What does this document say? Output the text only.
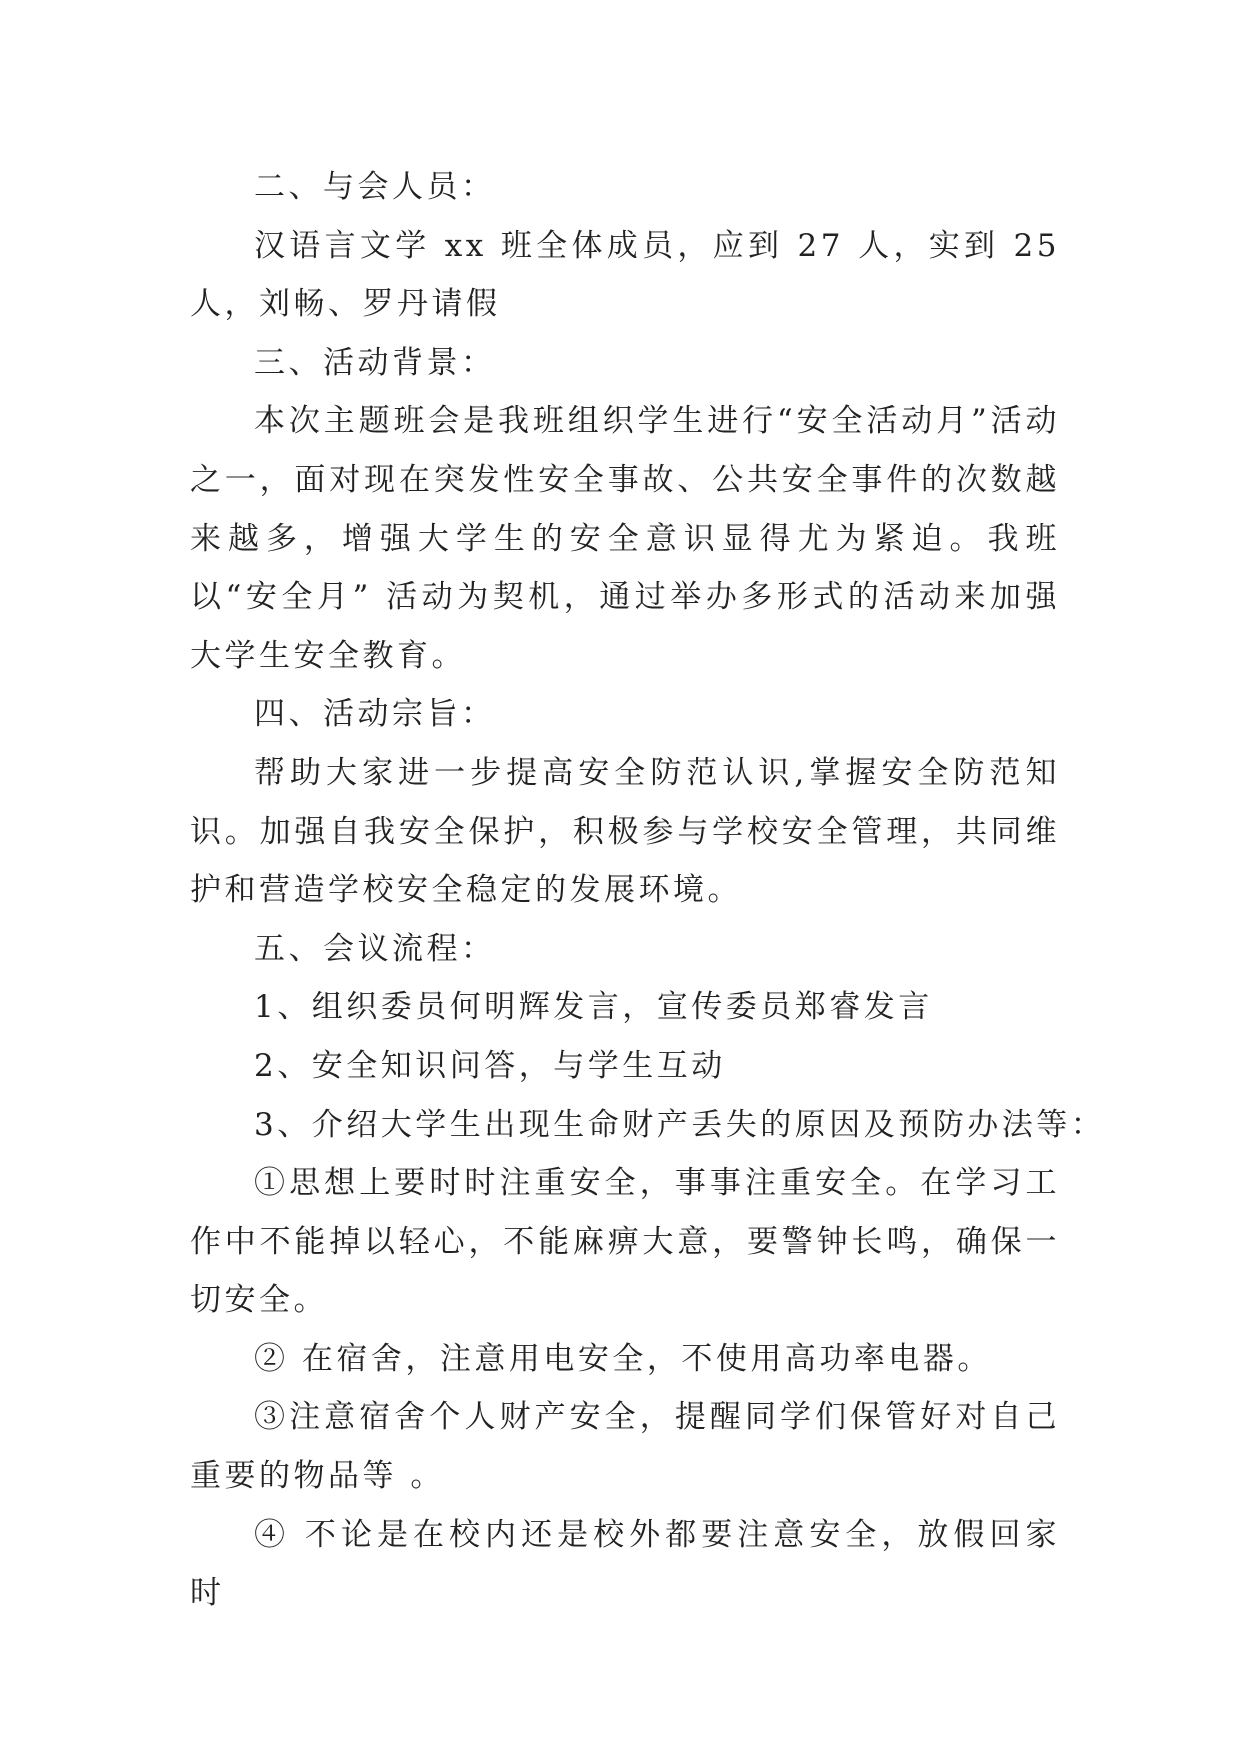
二、与会人员：

汉语言文学 xx 班全体成员，应到 27 人，实到 25 人，刘畅、罗丹请假

三、活动背景：

本次主题班会是我班组织学生进行“安全活动月”活动之一，面对现在突发性安全事故、公共安全事件的次数越来越多，增强大学生的安全意识显得尤为紧迫。我班以“安全月” 活动为契机，通过举办多形式的活动来加强大学生安全教育。

四、活动宗旨：

帮助大家进一步提高安全防范认识,掌握安全防范知识。加强自我安全保护，积极参与学校安全管理，共同维护和营造学校安全稳定的发展环境。

五、会议流程：

1、组织委员何明辉发言，宣传委员郑睿发言

2、安全知识问答，与学生互动

3、介绍大学生出现生命财产丢失的原因及预防办法等：

①思想上要时时注重安全，事事注重安全。在学习工作中不能掉以轻心，不能麻痹大意，要警钟长鸣，确保一切安全。

② 在宿舍，注意用电安全，不使用高功率电器。

③注意宿舍个人财产安全，提醒同学们保管好对自己重要的物品等 。

④ 不论是在校内还是校外都要注意安全，放假回家时
